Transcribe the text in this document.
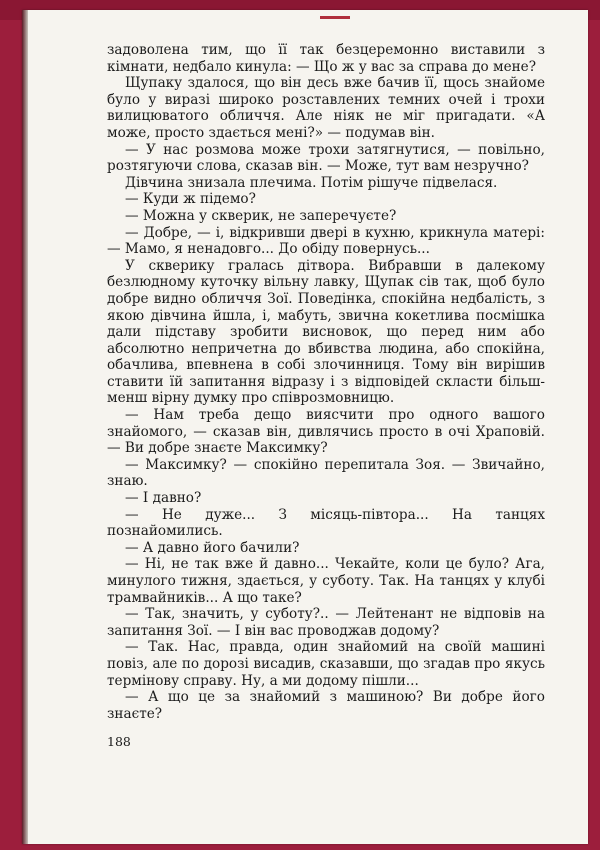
задоволена тим, що її так безцеремонно виставили з кімнати, недбало кинула: — Що ж у вас за справа до мене?

Щупаку здалося, що він десь вже бачив її, щось знайоме було у виразі широко розставлених темних очей і трохи вилицюватого обличчя. Але ніяк не міг пригадати. «А може, просто здається мені?» — подумав він.

— У нас розмова може трохи затягнутися, — повільно, розтягуючи слова, сказав він. — Може, тут вам незручно?

Дівчина знизала плечима. Потім рішуче підвелася.

— Куди ж підемо?

— Можна у скверик, не заперечуєте?

— Добре, — і, відкривши двері в кухню, крикнула матері: — Мамо, я ненадовго... До обіду повернусь...

У скверику гралась дітвора. Вибравши в далекому безлюдному куточку вільну лавку, Щупак сів так, щоб було добре видно обличчя Зої. Поведінка, спокійна недбалість, з якою дівчина йшла, і, мабуть, звична кокетлива посмішка дали підставу зробити висновок, що перед ним або абсолютно непричетна до вбивства людина, або спокійна, обачлива, впевнена в собі злочинниця. Тому він вирішив ставити їй запитання відразу і з відповідей скласти більш-менш вірну думку про співрозмовницю.

— Нам треба дещо виясчити про одного вашого знайомого, — сказав він, дивлячись просто в очі Храповій. — Ви добре знаєте Максимку?

— Максимку? — спокійно перепитала Зоя. — Звичайно, знаю.

— І давно?

— Не дуже... З місяць-півтора... На танцях познайомились.

— А давно його бачили?

— Ні, не так вже й давно... Чекайте, коли це було? Ага, минулого тижня, здається, у суботу. Так. На танцях у клубі трамвайників... А що таке?

— Так, значить, у суботу?.. — Лейтенант не відповів на запитання Зої. — І він вас проводжав додому?

— Так. Нас, правда, один знайомий на своїй машині повіз, але по дорозі висадив, сказавши, що згадав про якусь термінову справу. Ну, а ми додому пішли...

— А що це за знайомий з машиною? Ви добре його знаєте?

188
